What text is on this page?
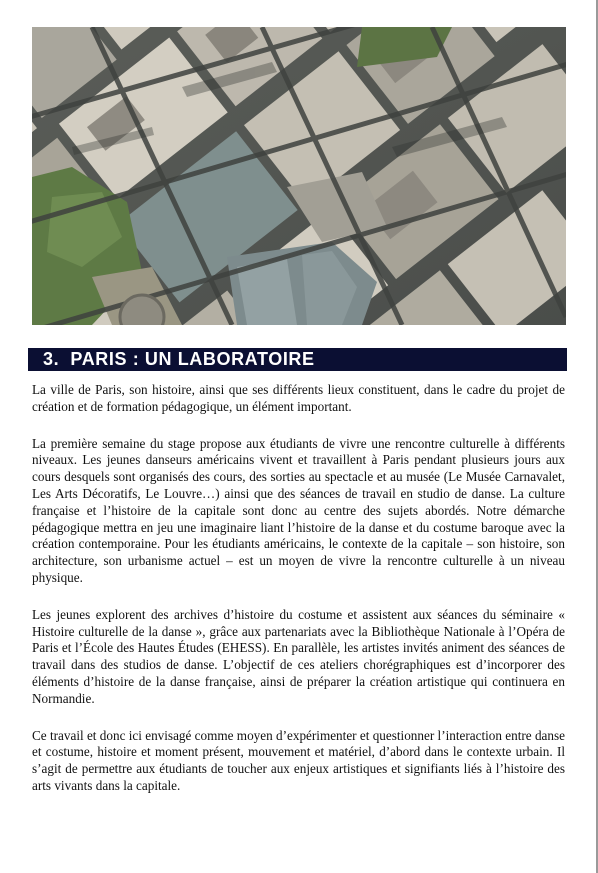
3. PARIS : UN LABORATOIRE

La ville de Paris, son histoire, ainsi que ses différents lieux constituent, dans le cadre du projet de création et de formation pédagogique, un élément important.

La première semaine du stage propose aux étudiants de vivre une rencontre culturelle à différents niveaux. Les jeunes danseurs américains vivent et travaillent à Paris pendant plusieurs jours aux cours desquels sont organisés des cours, des sorties au spectacle et au musée (Le Musée Carnavalet, Les Arts Décoratifs, Le Louvre…) ainsi que des séances de travail en studio de danse. La culture française et l’histoire de la capitale sont donc au centre des sujets abordés. Notre démarche pédagogique mettra en jeu une imaginaire liant l’histoire de la danse et du costume baroque avec la création contemporaine. Pour les étudiants américains, le contexte de la capitale – son histoire, son architecture, son urbanisme actuel – est un moyen de vivre la rencontre culturelle à un niveau physique.

Les jeunes explorent des archives d’histoire du costume et assistent aux séances du séminaire « Histoire culturelle de la danse », grâce aux partenariats avec la Bibliothèque Nationale à l’Opéra de Paris et l’École des Hautes Études (EHESS). En parallèle, les artistes invités animent des séances de travail dans des studios de danse. L’objectif de ces ateliers chorégraphiques est d’incorporer des éléments d’histoire de la danse française, ainsi de préparer la création artistique qui continuera en Normandie.

Ce travail et donc ici envisagé comme moyen d’expérimenter et questionner l’interaction entre danse et costume, histoire et moment présent, mouvement et matériel, d’abord dans le contexte urbain. Il s’agit de permettre aux étudiants de toucher aux enjeux artistiques et signifiants liés à l’histoire des arts vivants dans la capitale.
